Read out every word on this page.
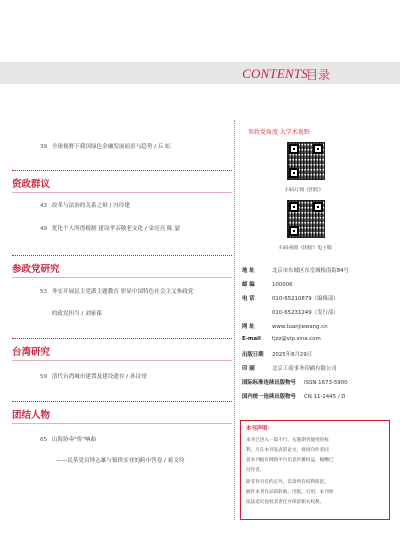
CONTENTS
目录
39 全球视野下我国绿色金融发展前景与趋势 / 丘 虹
资政群议
43 改革与法治的关系之辩 / 冯玲建
49 优化个人所得税制 建设孝亲敬老文化 / 金亮亮 陈 瑟
参政党研究
53 务实开展民主党派主题教育 彰显中国特色社会主义参政党
的政党担当 / 刘家葆
台湾研究
59 清代台湾城市建置及建设遗存 / 孙诗哥
团结人物
65 山海协奏"侨"响曲
——民革党员钟志雄与镇侨实业的跨中答卷 / 蒋文玲
参政党角度 大学术视野
扫码订阅《团结》
扫码查阅《团结》电子版
地 址	北京市东城区东皇城根南街84号
邮 编	100006
电 话	010-65210879（编辑部）
010-65231249（发行部）
网 址	www.tuanjiewang.cn
E-mail tjzz@vip.sina.com
出版日期 2025年8月29日
印 刷	北京工商事务印刷有限公司
国际标准连续出版物号 ISSN 1673-5900
国内统一连续出版物号 CN 11-2445 / D
本刊声明：
本刊已进入一篇不行、实施期刊使用的权
利，凡在本刊发表的论文，视同向作者同
意本刊据有网络平台信息传播权益，稿酬已
付作者。
除非作另有约定外，其余所有权利保留。
稿件本刊作品的转载、出版、引用，本刊将
依法追究侵权者责任并保留相关权利。
